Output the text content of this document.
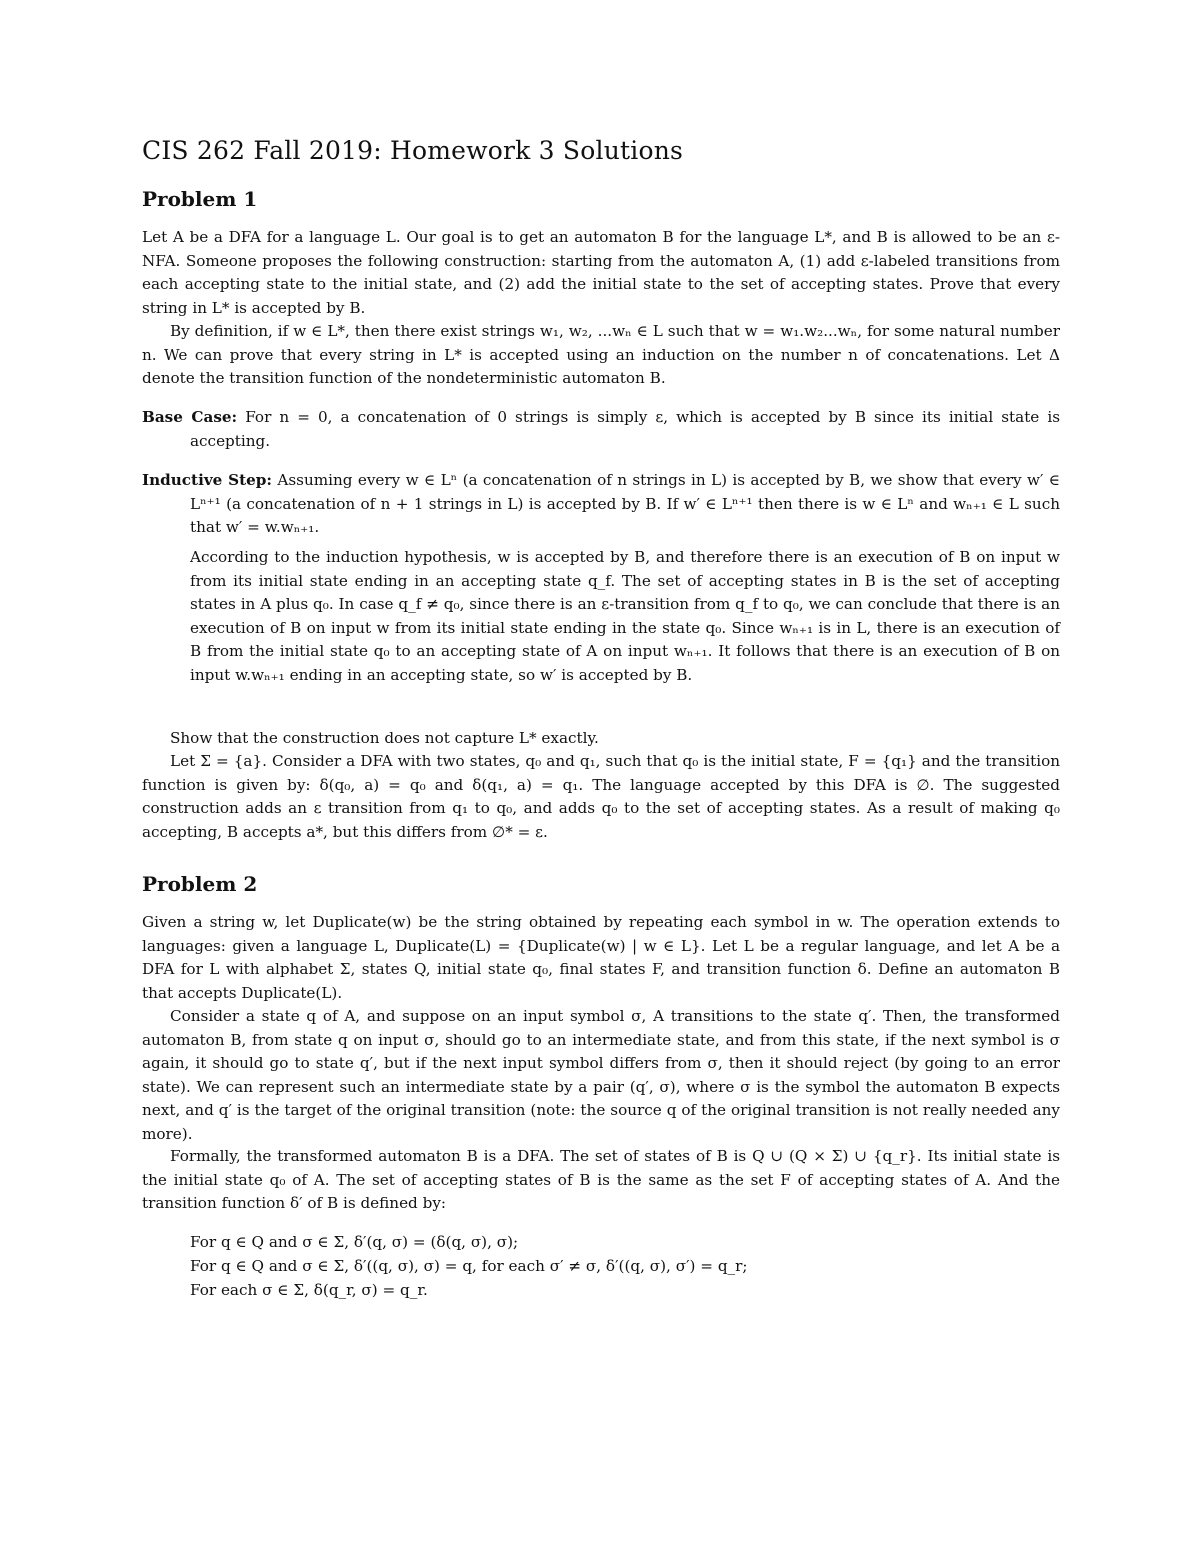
CIS 262 Fall 2019: Homework 3 Solutions
Problem 1

Let A be a DFA for a language L. Our goal is to get an automaton B for the language L*, and B is allowed to be an ε-NFA. Someone proposes the following construction: starting from the automaton A, (1) add ε-labeled transitions from each accepting state to the initial state, and (2) add the initial state to the set of accepting states. Prove that every string in L* is accepted by B.

By definition, if w ∈ L*, then there exist strings w₁, w₂, ...wₙ ∈ L such that w = w₁.w₂...wₙ, for some natural number n. We can prove that every string in L* is accepted using an induction on the number n of concatenations. Let Δ denote the transition function of the nondeterministic automaton B.

Base Case: For n = 0, a concatenation of 0 strings is simply ε, which is accepted by B since its initial state is accepting.

Inductive Step: Assuming every w ∈ Lⁿ (a concatenation of n strings in L) is accepted by B, we show that every w′ ∈ Lⁿ⁺¹ (a concatenation of n + 1 strings in L) is accepted by B. If w′ ∈ Lⁿ⁺¹ then there is w ∈ Lⁿ and wₙ₊₁ ∈ L such that w′ = w.wₙ₊₁.

According to the induction hypothesis, w is accepted by B, and therefore there is an execution of B on input w from its initial state ending in an accepting state q_f. The set of accepting states in B is the set of accepting states in A plus q₀. In case q_f ≠ q₀, since there is an ε-transition from q_f to q₀, we can conclude that there is an execution of B on input w from its initial state ending in the state q₀. Since wₙ₊₁ is in L, there is an execution of B from the initial state q₀ to an accepting state of A on input wₙ₊₁. It follows that there is an execution of B on input w.wₙ₊₁ ending in an accepting state, so w′ is accepted by B.

Show that the construction does not capture L* exactly.

Let Σ = {a}. Consider a DFA with two states, q₀ and q₁, such that q₀ is the initial state, F = {q₁} and the transition function is given by: δ(q₀, a) = q₀ and δ(q₁, a) = q₁. The language accepted by this DFA is ∅. The suggested construction adds an ε transition from q₁ to q₀, and adds q₀ to the set of accepting states. As a result of making q₀ accepting, B accepts a*, but this differs from ∅* = ε.

Problem 2

Given a string w, let Duplicate(w) be the string obtained by repeating each symbol in w. The operation extends to languages: given a language L, Duplicate(L) = {Duplicate(w) | w ∈ L}. Let L be a regular language, and let A be a DFA for L with alphabet Σ, states Q, initial state q₀, final states F, and transition function δ. Define an automaton B that accepts Duplicate(L).

Consider a state q of A, and suppose on an input symbol σ, A transitions to the state q′. Then, the transformed automaton B, from state q on input σ, should go to an intermediate state, and from this state, if the next symbol is σ again, it should go to state q′, but if the next input symbol differs from σ, then it should reject (by going to an error state). We can represent such an intermediate state by a pair (q′, σ), where σ is the symbol the automaton B expects next, and q′ is the target of the original transition (note: the source q of the original transition is not really needed any more).

Formally, the transformed automaton B is a DFA. The set of states of B is Q ∪ (Q × Σ) ∪ {q_r}. Its initial state is the initial state q₀ of A. The set of accepting states of B is the same as the set F of accepting states of A. And the transition function δ′ of B is defined by:

For q ∈ Q and σ ∈ Σ, δ′(q, σ) = (δ(q, σ), σ);
For q ∈ Q and σ ∈ Σ, δ′((q, σ), σ) = q, for each σ′ ≠ σ, δ′((q, σ), σ′) = q_r;
For each σ ∈ Σ, δ(q_r, σ) = q_r.
